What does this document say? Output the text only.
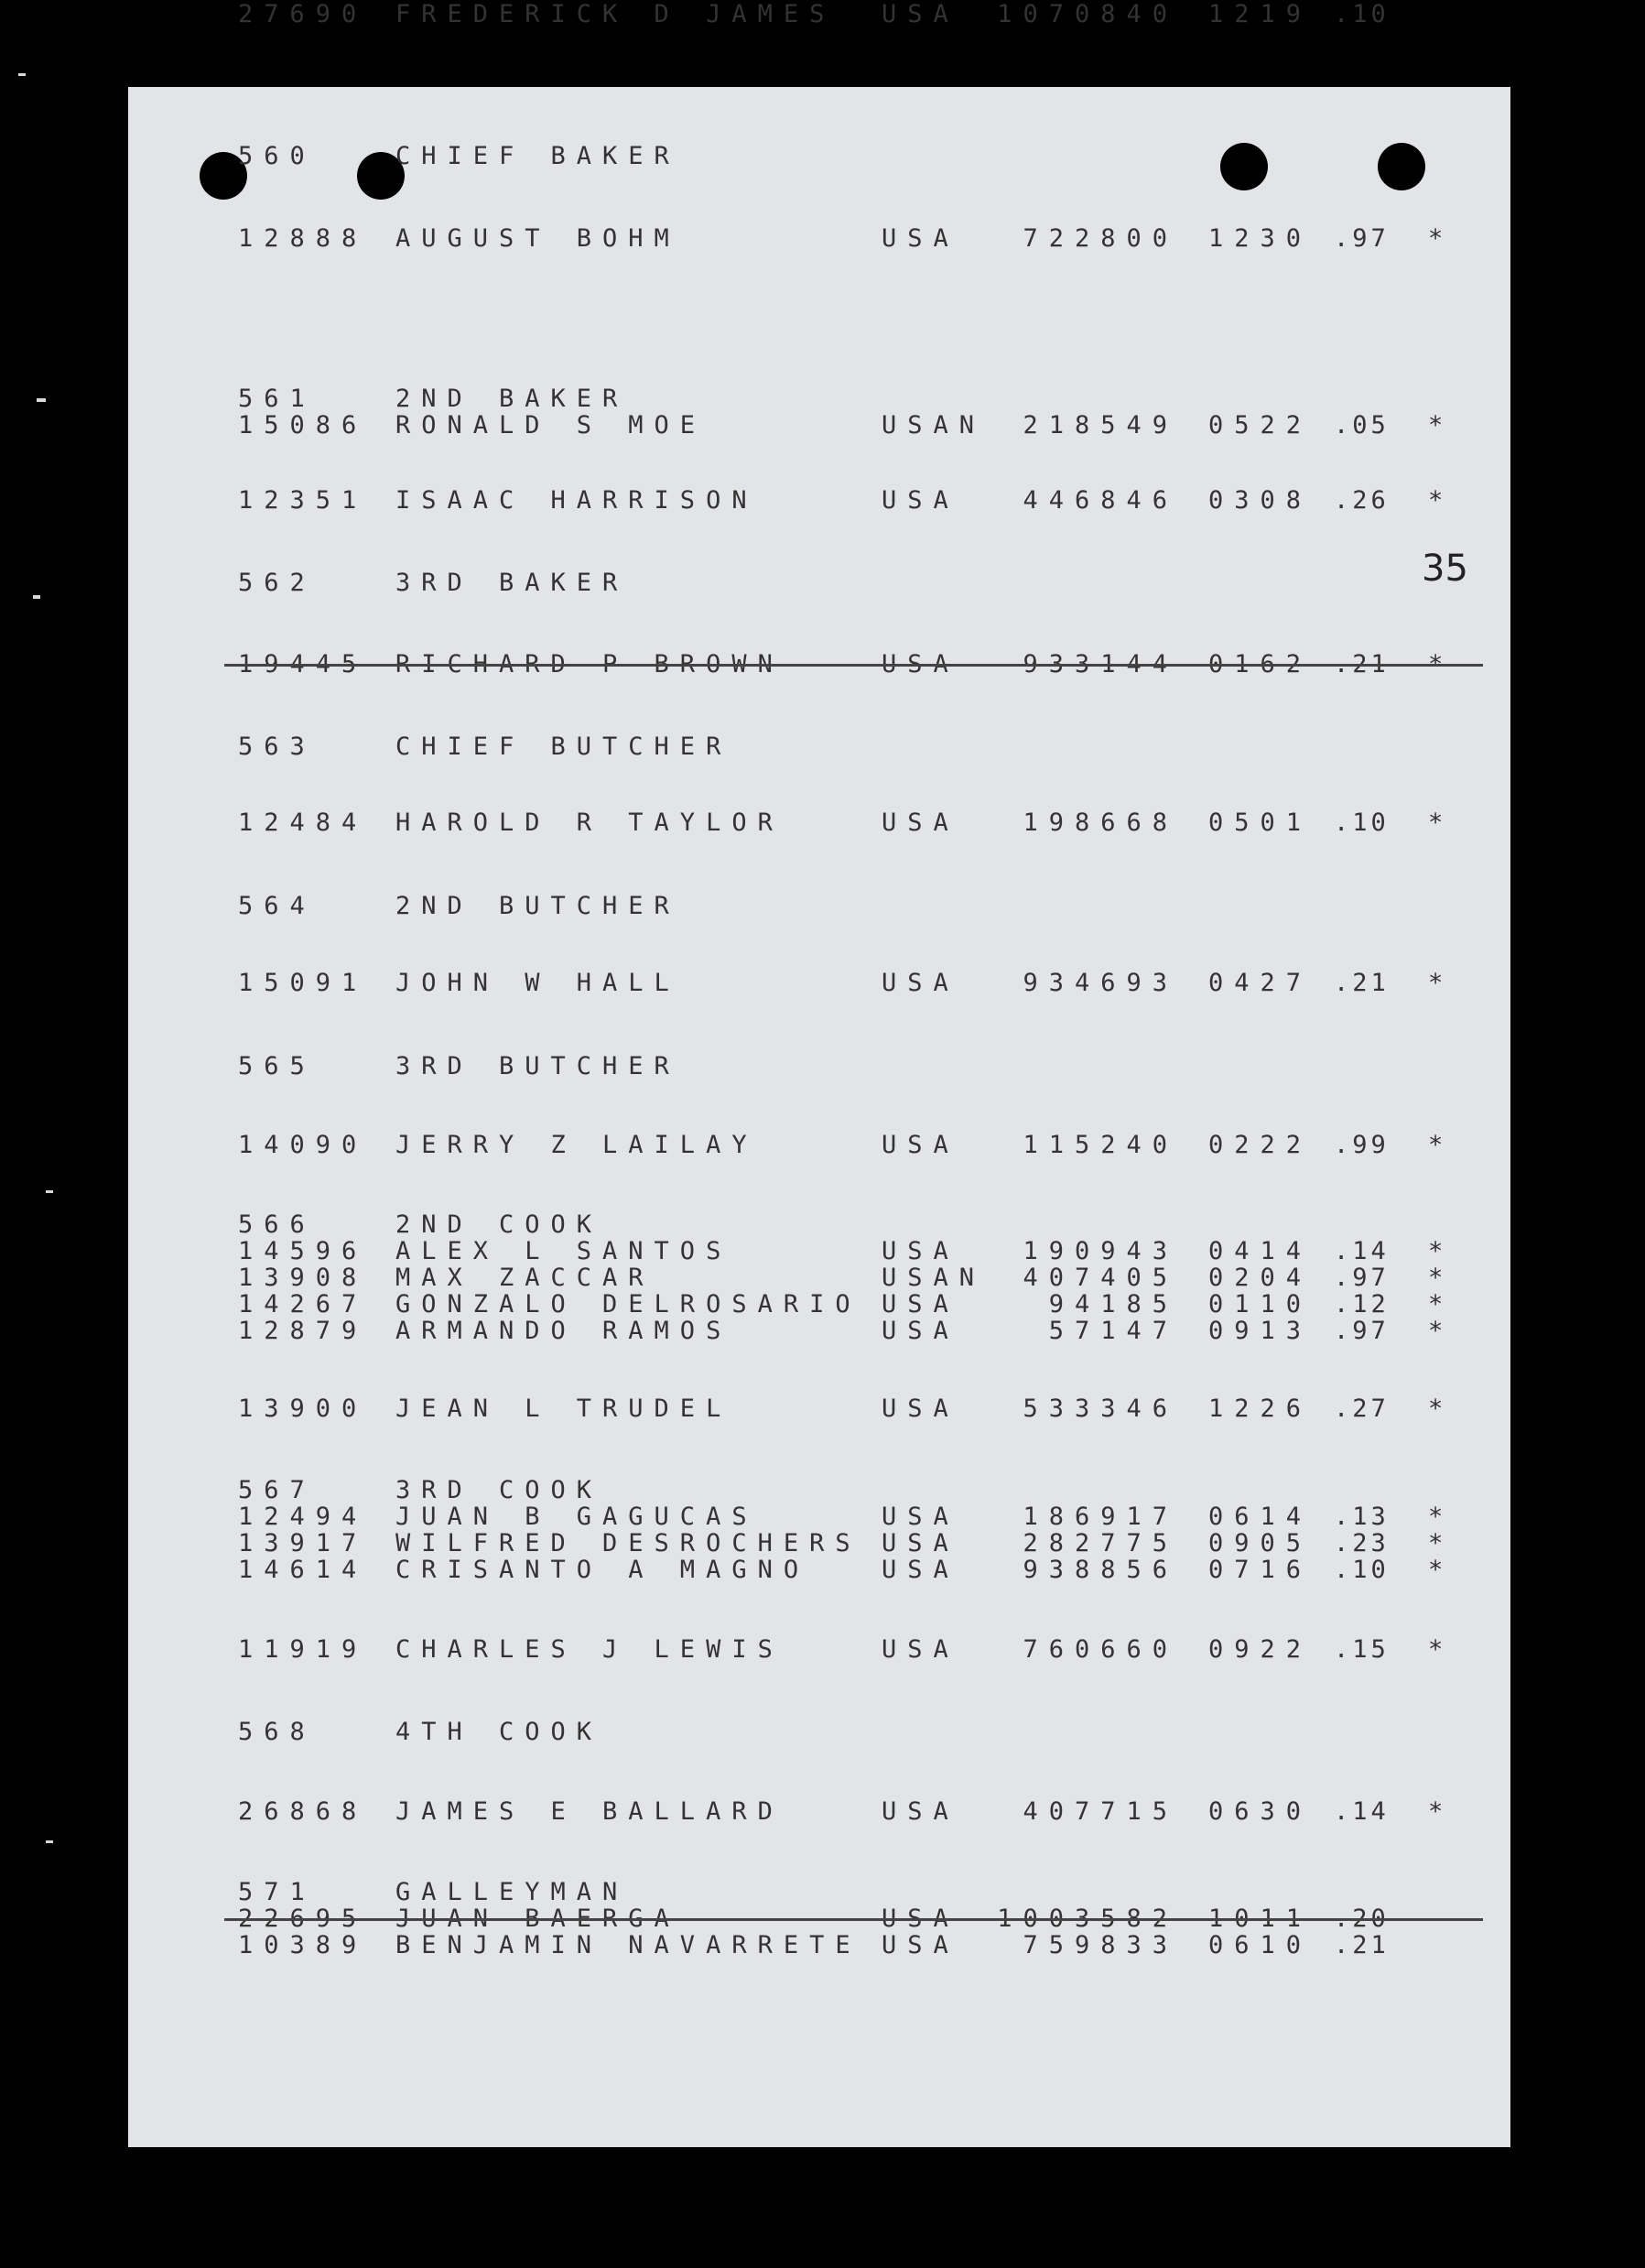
35
560	CHIEF BAKER
12888 AUGUST BOHM	USA	722800 1230 .97 *
561	2ND BAKER
15086 RONALD S MOE	USAN	218549 0522 .05 *
12351 ISAAC HARRISON	USA	446846 0308 .26 *
562	3RD BAKER
19445 RICHARD P BROWN	USA	933144 0162 .21 *
563	CHIEF BUTCHER
12484 HAROLD R TAYLOR	USA	198668 0501 .10 *
564	2ND BUTCHER
15091 JOHN W HALL	USA	934693 0427 .21 *
565	3RD BUTCHER
14090 JERRY Z LAILAY	USA	115240 0222 .99 *
566	2ND COOK
14596 ALEX L SANTOS	USA	190943 0414 .14 *
13908 MAX ZACCAR	USAN	407405 0204 .97 *
14267 GONZALO DELROSARIO USA	94185 0110 .12 *
12879 ARMANDO RAMOS	USA	57147 0913 .97 *
13900 JEAN L TRUDEL	USA	533346 1226 .27 *
567	3RD COOK
12494 JUAN B GAGUCAS	USA	186917 0614 .13 *
13917 WILFRED DESROCHERS USA	282775 0905 .23 *
14614 CRISANTO A MAGNO	USA	938856 0716 .10 *
11919 CHARLES J LEWIS	USA	760660 0922 .15 *
568	4TH COOK
26868 JAMES E BALLARD	USA	407715 0630 .14 *
571	GALLEYMAN
22695 JUAN BAERGA	USA 1003582 1011 .20
10389 BENJAMIN NAVARRETE USA	759833 0610 .21
27690 FREDERICK D JAMES USA 1070840 1219 .10
